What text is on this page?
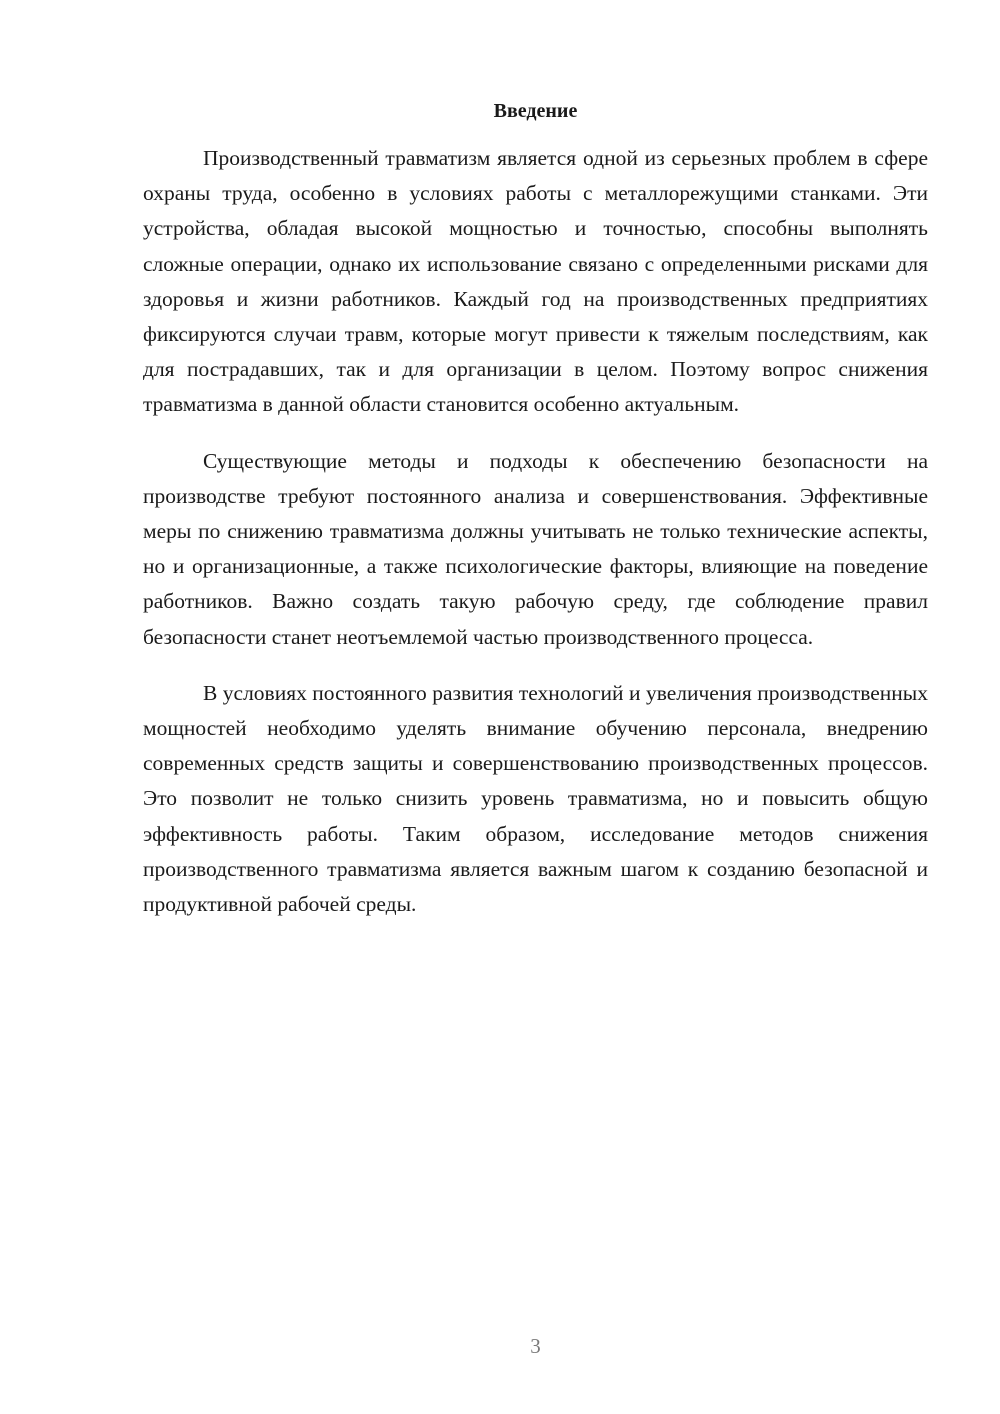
Введение

Производственный травматизм является одной из серьезных проблем в сфере охраны труда, особенно в условиях работы с металлорежущими станками. Эти устройства, обладая высокой мощностью и точностью, способны выполнять сложные операции, однако их использование связано с определенными рисками для здоровья и жизни работников. Каждый год на производственных предприятиях фиксируются случаи травм, которые могут привести к тяжелым последствиям, как для пострадавших, так и для организации в целом. Поэтому вопрос снижения травматизма в данной области становится особенно актуальным.

Существующие методы и подходы к обеспечению безопасности на производстве требуют постоянного анализа и совершенствования. Эффективные меры по снижению травматизма должны учитывать не только технические аспекты, но и организационные, а также психологические факторы, влияющие на поведение работников. Важно создать такую рабочую среду, где соблюдение правил безопасности станет неотъемлемой частью производственного процесса.

В условиях постоянного развития технологий и увеличения производственных мощностей необходимо уделять внимание обучению персонала, внедрению современных средств защиты и совершенствованию производственных процессов. Это позволит не только снизить уровень травматизма, но и повысить общую эффективность работы. Таким образом, исследование методов снижения производственного травматизма является важным шагом к созданию безопасной и продуктивной рабочей среды.

3
